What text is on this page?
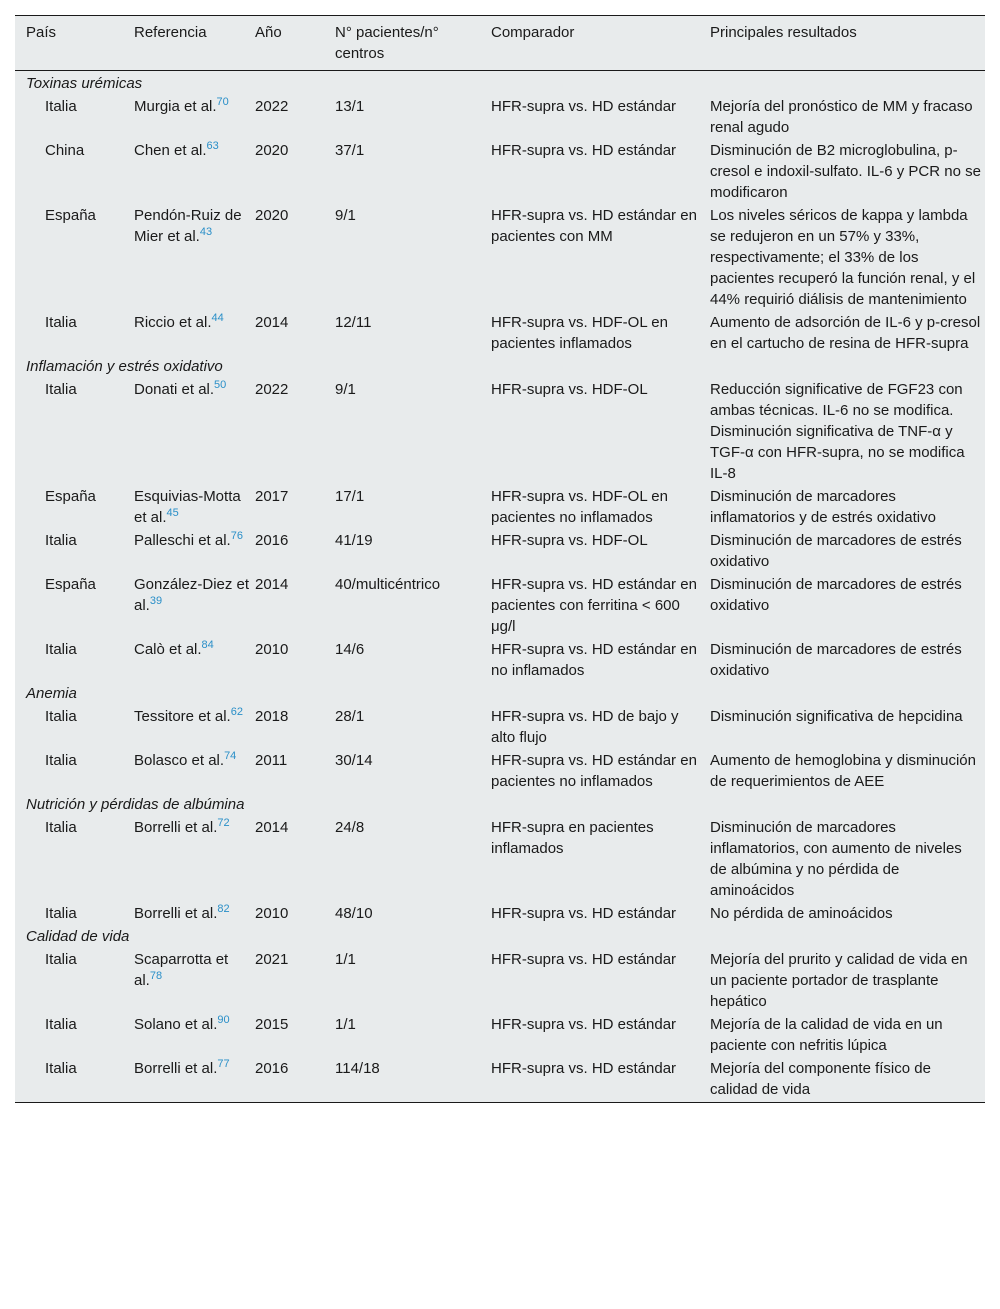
País	Referencia	Año	N° pacientes/n° centros	Comparador	Principales resultados
Toxinas urémicas					
Italia	Murgia et al.$^{70}$	2022	13/1	HFR-supra vs. HD estándar	Mejoría del pronóstico de MM y fracaso renal agudo
China	Chen et al.$^{63}$	2020	37/1	HFR-supra vs. HD estándar	Disminución de B2 microglobulina, p-cresol e indoxil-sulfato. IL-6 y PCR no se modificaron
España	Pendón-Ruiz de Mier et al.$^{43}$	2020	9/1	HFR-supra vs. HD estándar en pacientes con MM	Los niveles séricos de kappa y lambda se redujeron en un 57% y 33%, respectivamente; el 33% de los pacientes recuperó la función renal, y el 44% requirió diálisis de mantenimiento
Italia	Riccio et al.$^{44}$	2014	12/11	HFR-supra vs. HDF-OL en pacientes inflamados	Aumento de adsorción de IL-6 y p-cresol en el cartucho de resina de HFR-supra
Inflamación y estrés oxidativo					
Italia	Donati et al.$^{50}$	2022	9/1	HFR-supra vs. HDF-OL	Reducción significative de FGF23 con ambas técnicas. IL-6 no se modifica. Disminución significativa de TNF-α y TGF-α con HFR-supra, no se modifica IL-8
España	Esquivias-Motta et al.$^{45}$	2017	17/1	HFR-supra vs. HDF-OL en pacientes no inflamados	Disminución de marcadores inflamatorios y de estrés oxidativo
Italia	Palleschi et al.$^{76}$	2016	41/19	HFR-supra vs. HDF-OL	Disminución de marcadores de estrés oxidativo
España	González-Diez et al.$^{39}$	2014	40/multicéntrico	HFR-supra vs. HD estándar en pacientes con ferritina < 600 μg/l	Disminución de marcadores de estrés oxidativo
Italia	Calò et al.$^{84}$	2010	14/6	HFR-supra vs. HD estándar en no inflamados	Disminución de marcadores de estrés oxidativo
Anemia					
Italia	Tessitore et al.$^{62}$	2018	28/1	HFR-supra vs. HD de bajo y alto flujo	Disminución significativa de hepcidina
Italia	Bolasco et al.$^{74}$	2011	30/14	HFR-supra vs. HD estándar en pacientes no inflamados	Aumento de hemoglobina y disminución de requerimientos de AEE
Nutrición y pérdidas de albúmina					
Italia	Borrelli et al.$^{72}$	2014	24/8	HFR-supra en pacientes inflamados	Disminución de marcadores inflamatorios, con aumento de niveles de albúmina y no pérdida de aminoácidos
Italia	Borrelli et al.$^{82}$	2010	48/10	HFR-supra vs. HD estándar	No pérdida de aminoácidos
Calidad de vida					
Italia	Scaparrotta et al.$^{78}$	2021	1/1	HFR-supra vs. HD estándar	Mejoría del prurito y calidad de vida en un paciente portador de trasplante hepático
Italia	Solano et al.$^{90}$	2015	1/1	HFR-supra vs. HD estándar	Mejoría de la calidad de vida en un paciente con nefritis lúpica
Italia	Borrelli et al.$^{77}$	2016	114/18	HFR-supra vs. HD estándar	Mejoría del componente físico de calidad de vida
